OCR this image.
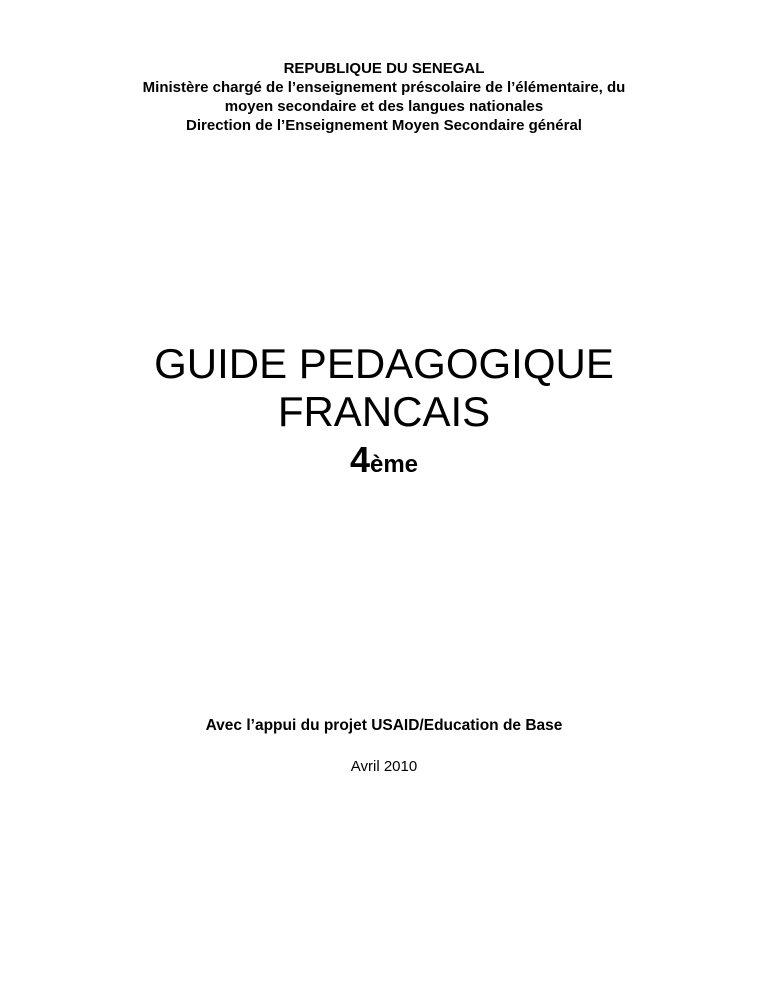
REPUBLIQUE DU SENEGAL
Ministère chargé de l’enseignement préscolaire de l’élémentaire, du
moyen secondaire et des langues nationales
Direction de l’Enseignement Moyen Secondaire général
GUIDE PEDAGOGIQUE
FRANCAIS
4ème
Avec l’appui du projet USAID/Education de Base
Avril 2010
